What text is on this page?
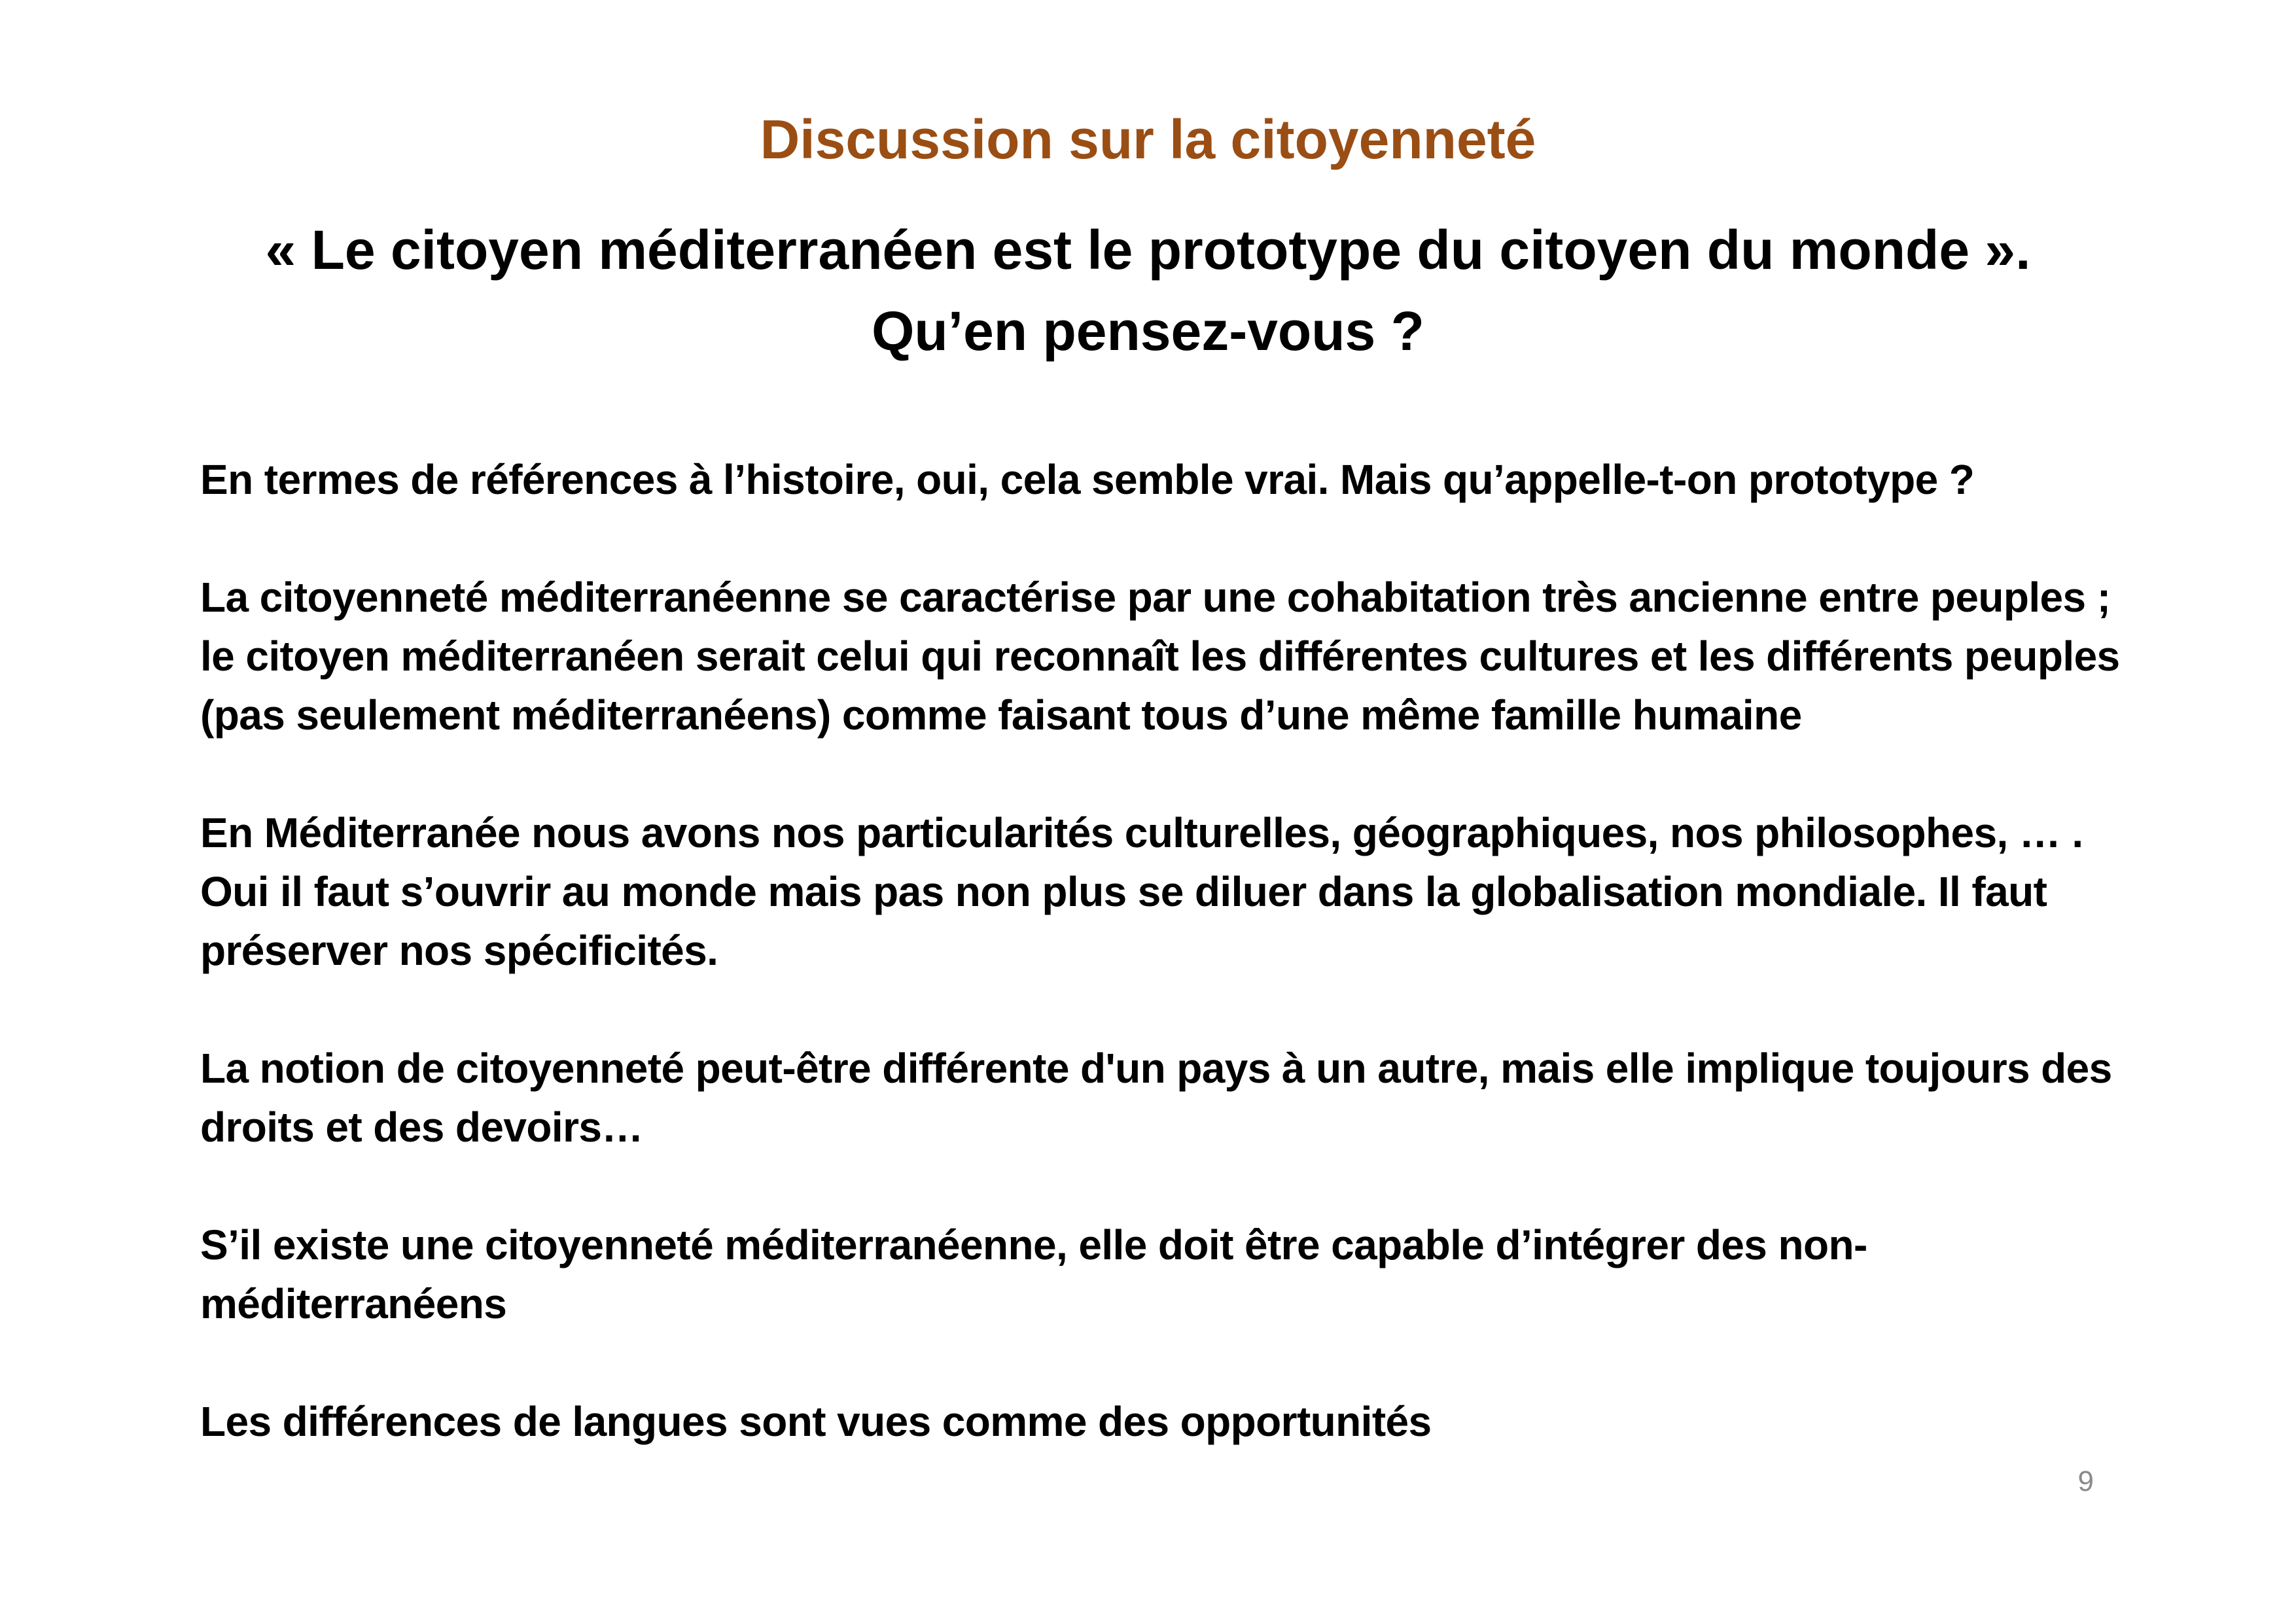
Discussion sur la citoyenneté
« Le citoyen méditerranéen est le prototype du citoyen du monde ».
Qu’en pensez-vous ?

En termes de références à l’histoire, oui, cela semble vrai. Mais qu’appelle-t-on prototype ?

La citoyenneté méditerranéenne se caractérise par une cohabitation très ancienne entre peuples ; le citoyen méditerranéen serait celui qui reconnaît les différentes cultures et les différents peuples (pas seulement méditerranéens) comme faisant tous d’une même famille humaine

En Méditerranée nous avons nos particularités culturelles, géographiques, nos philosophes, … . Oui il faut s’ouvrir au monde mais pas non plus se diluer dans la globalisation mondiale. Il faut préserver nos spécificités.

La notion de citoyenneté peut-être différente d'un pays à un autre, mais elle implique toujours des droits et des devoirs…

S’il existe une citoyenneté méditerranéenne, elle doit être capable d’intégrer des non-méditerranéens

Les différences de langues sont vues comme des opportunités

9
